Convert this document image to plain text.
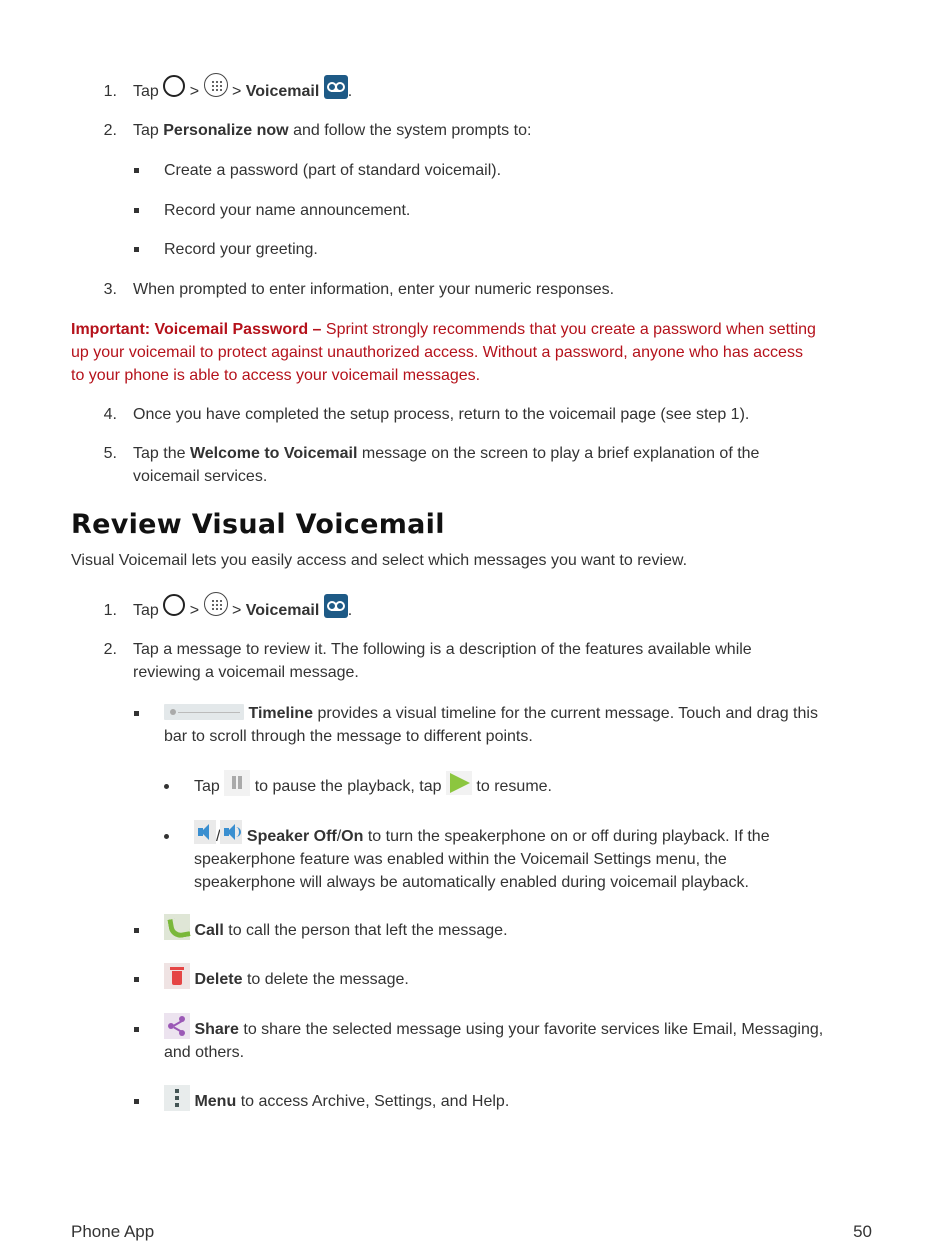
1. Tap > > Voicemail .

2. Tap Personalize now and follow the system prompts to:

Create a password (part of standard voicemail).

Record your name announcement.

Record your greeting.

3. When prompted to enter information, enter your numeric responses.

Important: Voicemail Password – Sprint strongly recommends that you create a password when setting

up your voicemail to protect against unauthorized access. Without a password, anyone who has access

to your phone is able to access your voicemail messages.

4. Once you have completed the setup process, return to the voicemail page (see step 1).

5. Tap the Welcome to Voicemail message on the screen to play a brief explanation of the

voicemail services.

Review Visual Voicemail

Visual Voicemail lets you easily access and select which messages you want to review.

1. Tap > > Voicemail .

2. Tap a message to review it. The following is a description of the features available while

reviewing a voicemail message.

Timeline provides a visual timeline for the current message. Touch and drag this

bar to scroll through the message to different points.

Tap to pause the playback, tap to resume.

/ Speaker Off/On to turn the speakerphone on or off during playback. If the

speakerphone feature was enabled within the Voicemail Settings menu, the

speakerphone will always be automatically enabled during voicemail playback.

Call to call the person that left the message.

Delete to delete the message.

Share to share the selected message using your favorite services like Email, Messaging,

and others.

Menu to access Archive, Settings, and Help.

Phone App	50
